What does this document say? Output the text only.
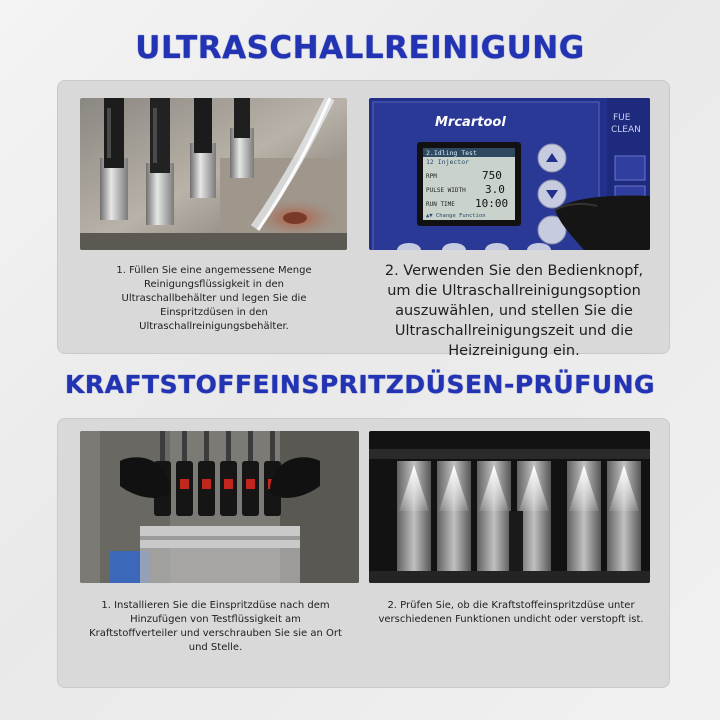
ULTRASCHALLREINIGUNG
Mrcartool	FUE
CLEAN
2.Idling Test
12 Injector
RPM	750
PULSE WIDTH 3.0
RUN TIME 10:00
▲▼ Change Function
1. Füllen Sie eine angemessene Menge Reinigungsflüssigkeit in den Ultraschallbehälter und legen Sie die Einspritzdüsen in den Ultraschallreinigungsbehälter.
2. Verwenden Sie den Bedienknopf, um die Ultraschallreinigungsoption auszuwählen, und stellen Sie die Ultraschallreinigungszeit und die Heizreinigung ein.
KRAFTSTOFFEINSPRITZDÜSEN-PRÜFUNG
1. Installieren Sie die Einspritzdüse nach dem Hinzufügen von Testflüssigkeit am Kraftstoffverteiler und verschrauben Sie sie an Ort und Stelle.
2. Prüfen Sie, ob die Kraftstoffeinspritzdüse unter verschiedenen Funktionen undicht oder verstopft ist.
